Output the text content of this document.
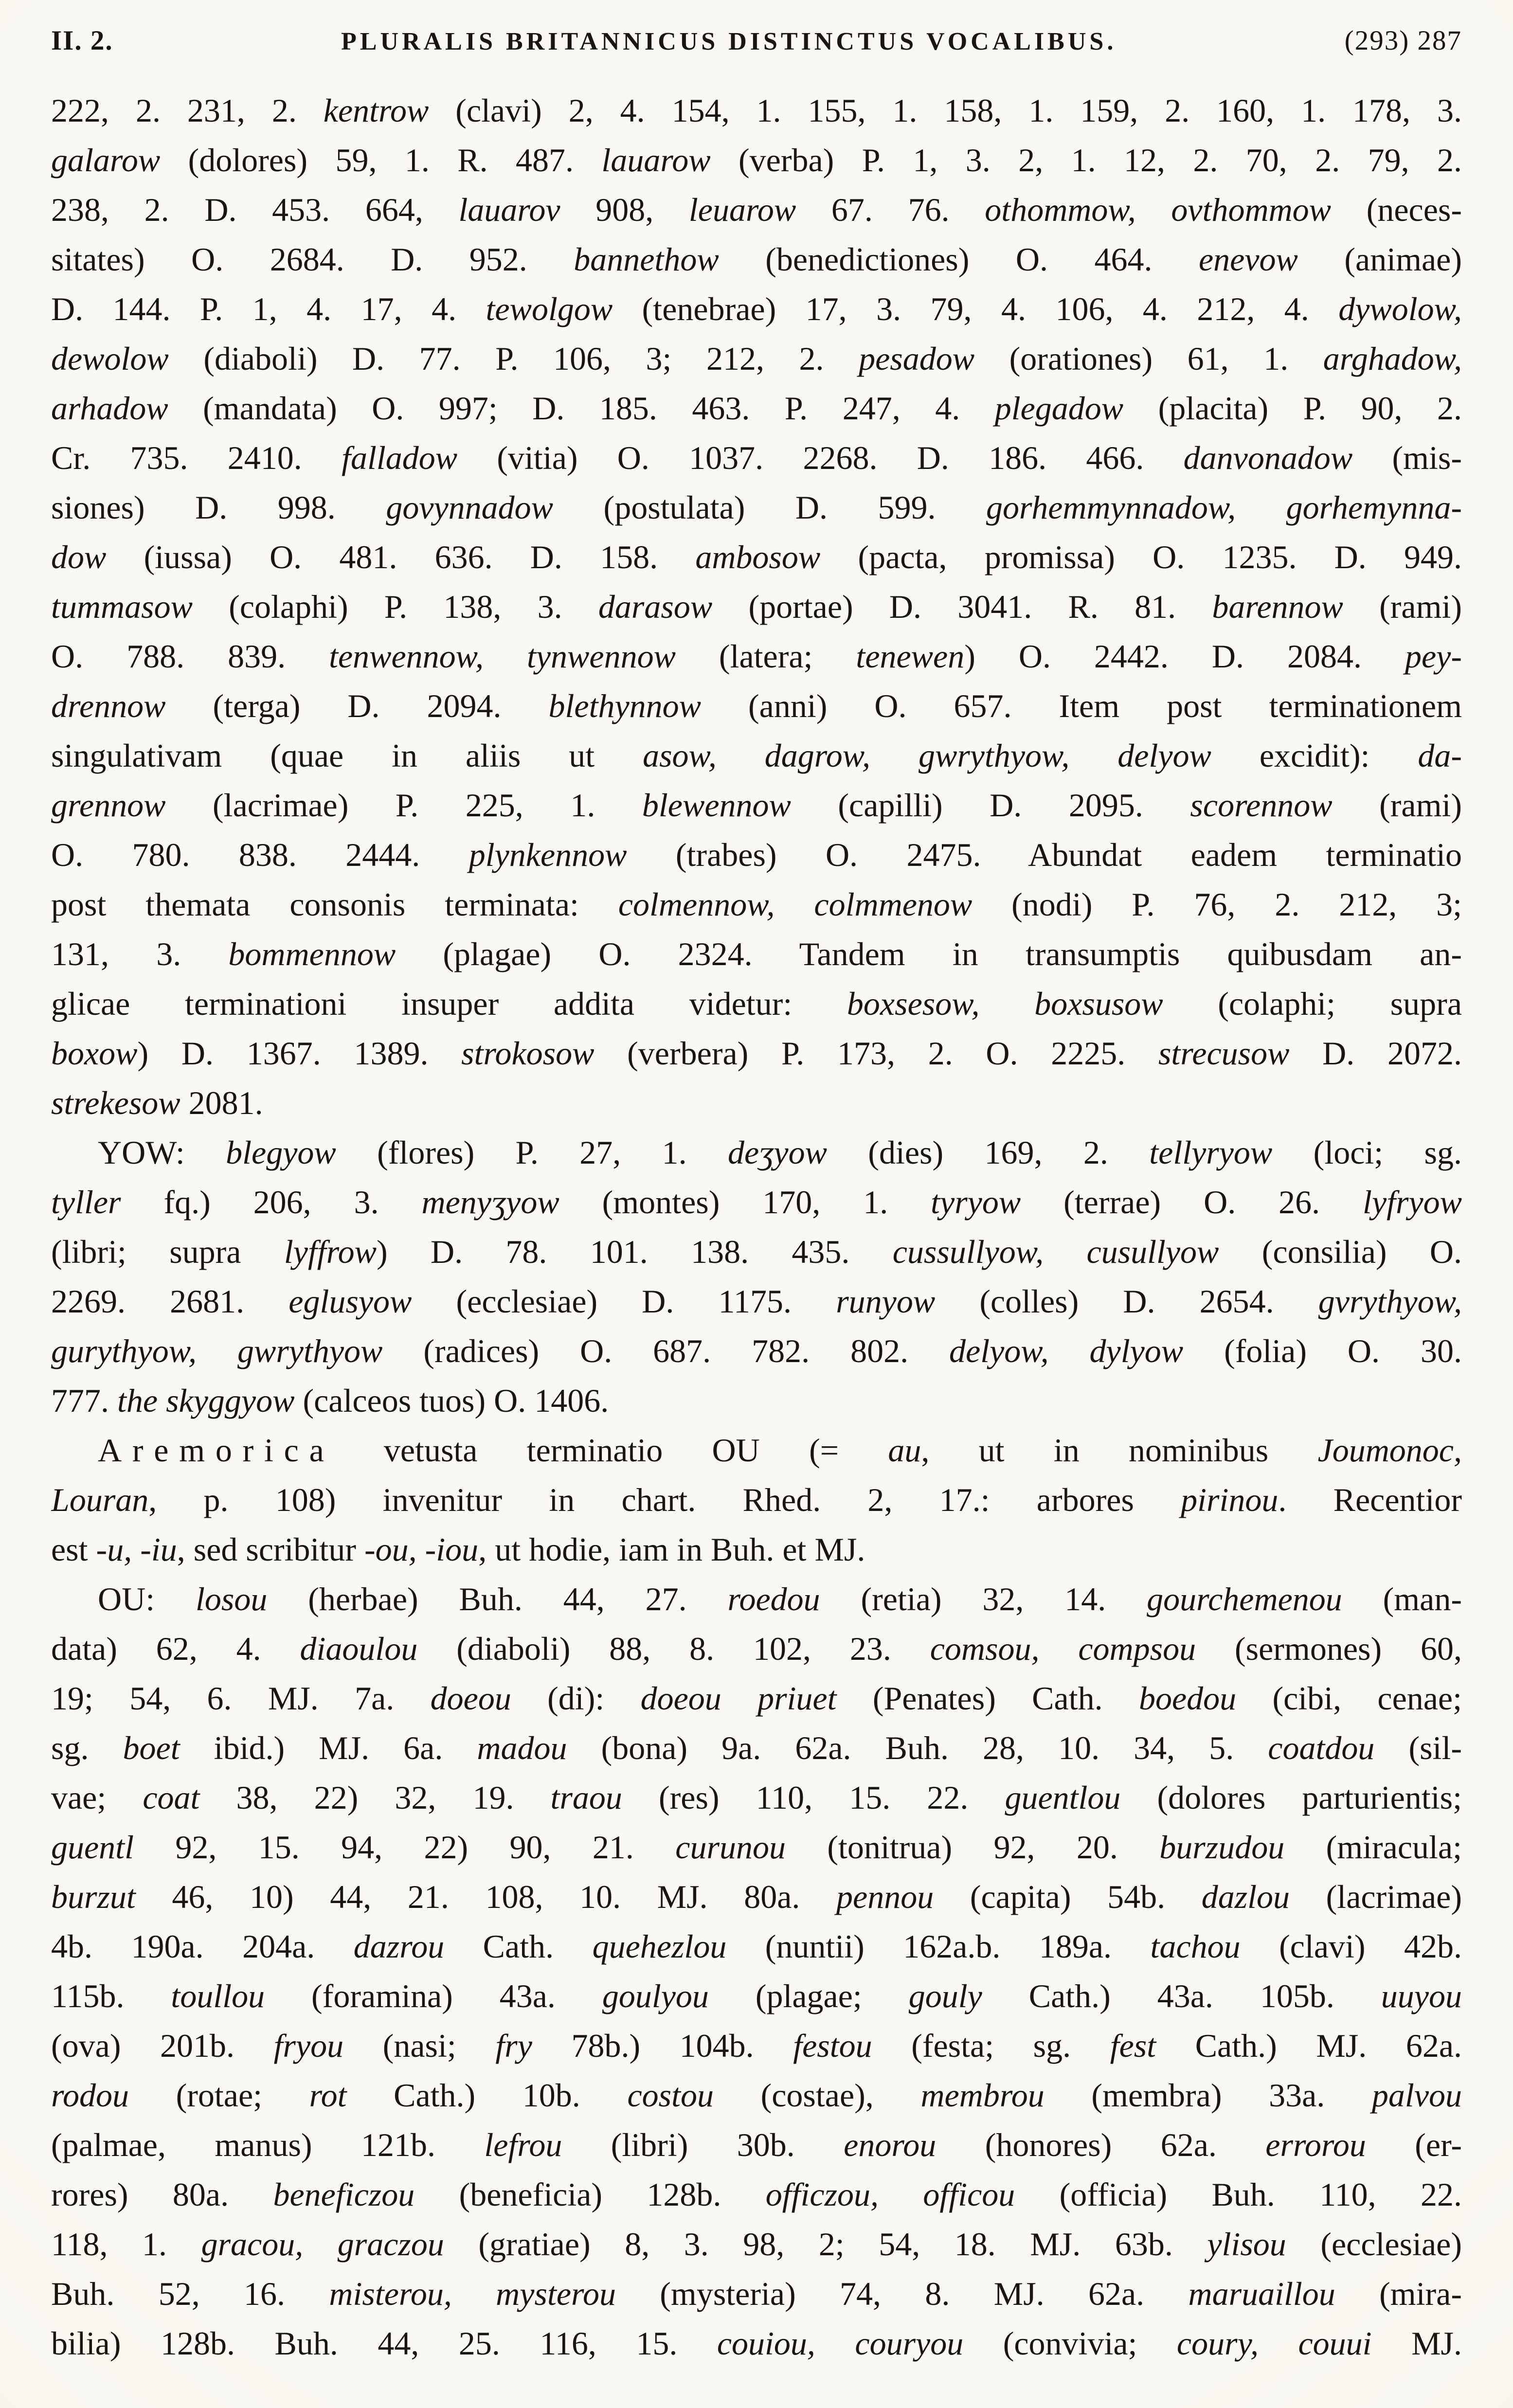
II. 2.	PLURALIS BRITANNICUS DISTINCTUS VOCALIBUS.	(293) 287
222, 2. 231, 2. kentrow (clavi) 2, 4. 154, 1. 155, 1. 158, 1. 159, 2. 160, 1. 178, 3.
galarow (dolores) 59, 1. R. 487. lauarow (verba) P. 1, 3. 2, 1. 12, 2. 70, 2. 79, 2.
238, 2. D. 453. 664, lauarov 908, leuarow 67. 76. othommow, ovthommow (neces-
sitates) O. 2684. D. 952. bannethow (benedictiones) O. 464. enevow (animae)
D. 144. P. 1, 4. 17, 4. tewolgow (tenebrae) 17, 3. 79, 4. 106, 4. 212, 4. dywolow,
dewolow (diaboli) D. 77. P. 106, 3; 212, 2. pesadow (orationes) 61, 1. arghadow,
arhadow (mandata) O. 997; D. 185. 463. P. 247, 4. plegadow (placita) P. 90, 2.
Cr. 735. 2410. falladow (vitia) O. 1037. 2268. D. 186. 466. danvonadow (mis-
siones) D. 998. govynnadow (postulata) D. 599. gorhemmynnadow, gorhemynna-
dow (iussa) O. 481. 636. D. 158. ambosow (pacta, promissa) O. 1235. D. 949.
tummasow (colaphi) P. 138, 3. darasow (portae) D. 3041. R. 81. barennow (rami)
O. 788. 839. tenwennow, tynwennow (latera; tenewen) O. 2442. D. 2084. pey-
drennow (terga) D. 2094. blethynnow (anni) O. 657. Item post terminationem
singulativam (quae in aliis ut asow, dagrow, gwrythyow, delyow excidit): da-
grennow (lacrimae) P. 225, 1. blewennow (capilli) D. 2095. scorennow (rami)
O. 780. 838. 2444. plynkennow (trabes) O. 2475. Abundat eadem terminatio
post themata consonis terminata: colmennow, colmmenow (nodi) P. 76, 2. 212, 3;
131, 3. bommennow (plagae) O. 2324. Tandem in transumptis quibusdam an-
glicae terminationi insuper addita videtur: boxsesow, boxsusow (colaphi; supra
boxow) D. 1367. 1389. strokosow (verbera) P. 173, 2. O. 2225. strecusow D. 2072.
strekesow 2081.
YOW: blegyow (flores) P. 27, 1. deʒyow (dies) 169, 2. tellyryow (loci; sg.
tyller fq.) 206, 3. menyʒyow (montes) 170, 1. tyryow (terrae) O. 26. lyfryow
(libri; supra lyffrow) D. 78. 101. 138. 435. cussullyow, cusullyow (consilia) O.
2269. 2681. eglusyow (ecclesiae) D. 1175. runyow (colles) D. 2654. gvrythyow,
gurythyow, gwrythyow (radices) O. 687. 782. 802. delyow, dylyow (folia) O. 30.
777. the skyggyow (calceos tuos) O. 1406.
Aremorica vetusta terminatio OU (= au, ut in nominibus Joumonoc,
Louran, p. 108) invenitur in chart. Rhed. 2, 17.: arbores pirinou. Recentior
est -u, -iu, sed scribitur -ou, -iou, ut hodie, iam in Buh. et MJ.
OU: losou (herbae) Buh. 44, 27. roedou (retia) 32, 14. gourchemenou (man-
data) 62, 4. diaoulou (diaboli) 88, 8. 102, 23. comsou, compsou (sermones) 60,
19; 54, 6. MJ. 7a. doeou (di): doeou priuet (Penates) Cath. boedou (cibi, cenae;
sg. boet ibid.) MJ. 6a. madou (bona) 9a. 62a. Buh. 28, 10. 34, 5. coatdou (sil-
vae; coat 38, 22) 32, 19. traou (res) 110, 15. 22. guentlou (dolores parturientis;
guentl 92, 15. 94, 22) 90, 21. curunou (tonitrua) 92, 20. burzudou (miracula;
burzut 46, 10) 44, 21. 108, 10. MJ. 80a. pennou (capita) 54b. dazlou (lacrimae)
4b. 190a. 204a. dazrou Cath. quehezlou (nuntii) 162a.b. 189a. tachou (clavi) 42b.
115b. toullou (foramina) 43a. goulyou (plagae; gouly Cath.) 43a. 105b. uuyou
(ova) 201b. fryou (nasi; fry 78b.) 104b. festou (festa; sg. fest Cath.) MJ. 62a.
rodou (rotae; rot Cath.) 10b. costou (costae), membrou (membra) 33a. palvou
(palmae, manus) 121b. lefrou (libri) 30b. enorou (honores) 62a. errorou (er-
rores) 80a. beneficzou (beneficia) 128b. officzou, officou (officia) Buh. 110, 22.
118, 1. gracou, graczou (gratiae) 8, 3. 98, 2; 54, 18. MJ. 63b. ylisou (ecclesiae)
Buh. 52, 16. misterou, mysterou (mysteria) 74, 8. MJ. 62a. maruaillou (mira-
bilia) 128b. Buh. 44, 25. 116, 15. couiou, couryou (convivia; coury, couui MJ.
